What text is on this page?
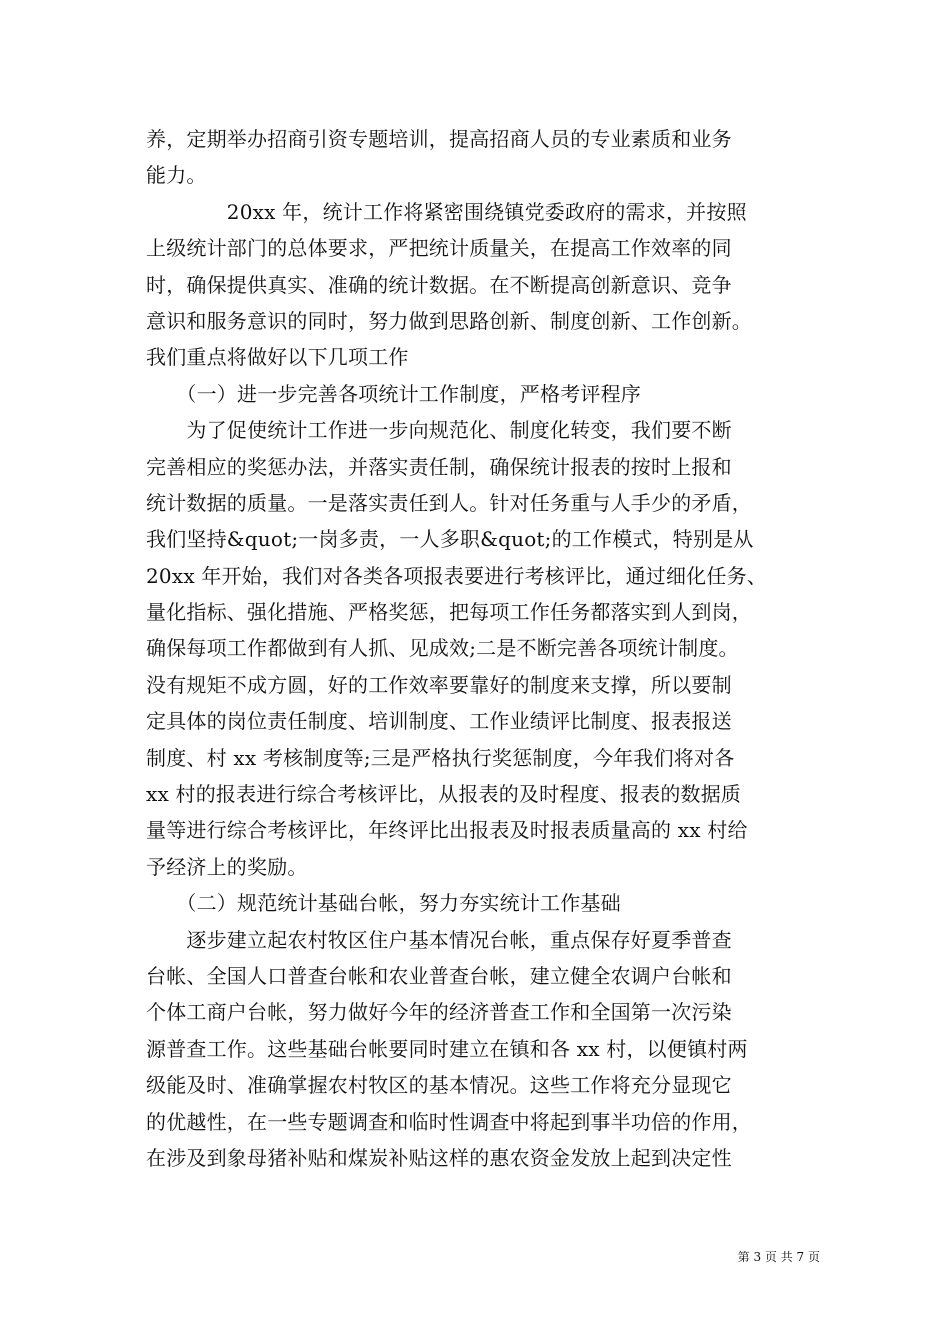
养，定期举办招商引资专题培训，提高招商人员的专业素质和业务
能力。
　　　　20xx 年，统计工作将紧密围绕镇党委政府的需求，并按照
上级统计部门的总体要求，严把统计质量关，在提高工作效率的同
时，确保提供真实、准确的统计数据。在不断提高创新意识、竞争
意识和服务意识的同时，努力做到思路创新、制度创新、工作创新。
我们重点将做好以下几项工作
　　（一）进一步完善各项统计工作制度，严格考评程序
　　为了促使统计工作进一步向规范化、制度化转变，我们要不断
完善相应的奖惩办法，并落实责任制，确保统计报表的按时上报和
统计数据的质量。一是落实责任到人。针对任务重与人手少的矛盾，
我们坚持&quot;一岗多责，一人多职&quot;的工作模式，特别是从
20xx 年开始，我们对各类各项报表要进行考核评比，通过细化任务、
量化指标、强化措施、严格奖惩，把每项工作任务都落实到人到岗，
确保每项工作都做到有人抓、见成效;二是不断完善各项统计制度。
没有规矩不成方圆，好的工作效率要靠好的制度来支撑，所以要制
定具体的岗位责任制度、培训制度、工作业绩评比制度、报表报送
制度、村 xx 考核制度等;三是严格执行奖惩制度，今年我们将对各
xx 村的报表进行综合考核评比，从报表的及时程度、报表的数据质
量等进行综合考核评比，年终评比出报表及时报表质量高的 xx 村给
予经济上的奖励。
　　（二）规范统计基础台帐，努力夯实统计工作基础
　　逐步建立起农村牧区住户基本情况台帐，重点保存好夏季普查
台帐、全国人口普查台帐和农业普查台帐，建立健全农调户台帐和
个体工商户台帐，努力做好今年的经济普查工作和全国第一次污染
源普查工作。这些基础台帐要同时建立在镇和各 xx 村，以便镇村两
级能及时、准确掌握农村牧区的基本情况。这些工作将充分显现它
的优越性，在一些专题调查和临时性调查中将起到事半功倍的作用，
在涉及到象母猪补贴和煤炭补贴这样的惠农资金发放上起到决定性
第 3 页 共 7 页
